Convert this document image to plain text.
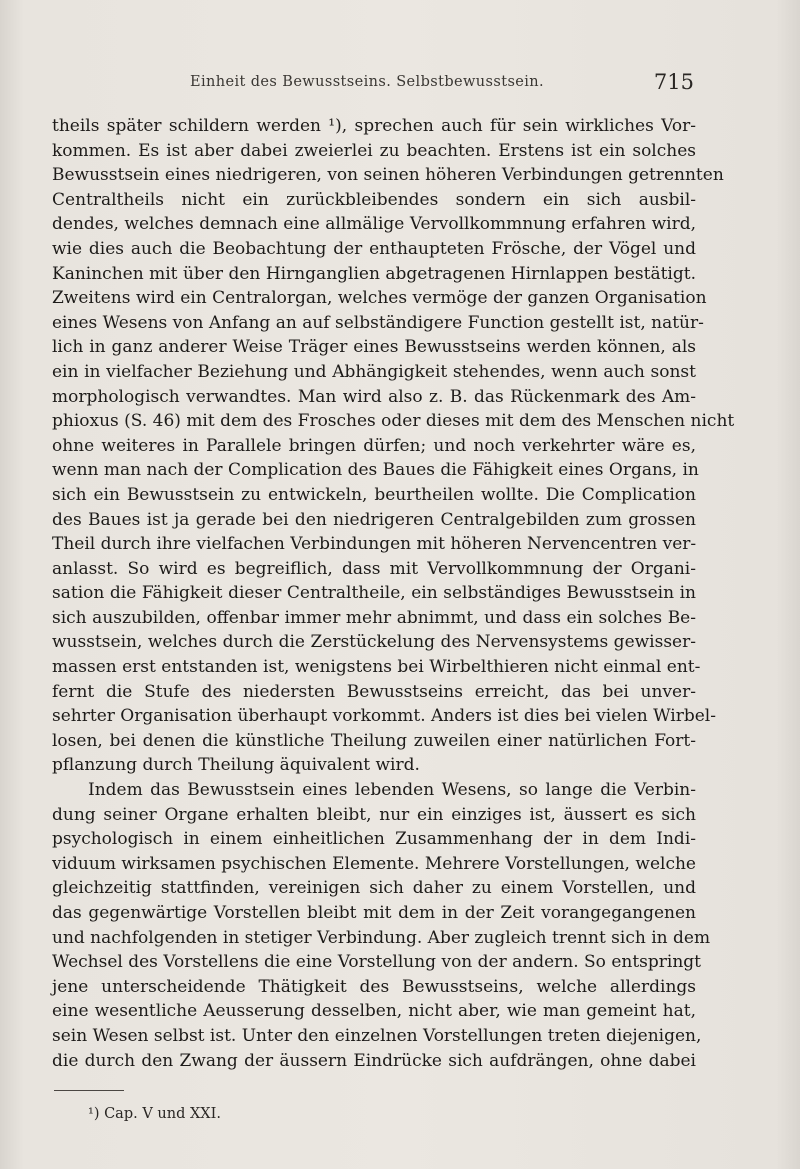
Einheit des Bewusstseins. Selbstbewusstsein.	715
theils später schildern werden ¹), sprechen auch für sein wirkliches Vor-
kommen. Es ist aber dabei zweierlei zu beachten. Erstens ist ein solches
Bewusstsein eines niedrigeren, von seinen höheren Verbindungen getrennten
Centraltheils nicht ein zurückbleibendes sondern ein sich ausbil-
dendes, welches demnach eine allmälige Vervollkommnung erfahren wird,
wie dies auch die Beobachtung der enthaupteten Frösche, der Vögel und
Kaninchen mit über den Hirnganglien abgetragenen Hirnlappen bestätigt.
Zweitens wird ein Centralorgan, welches vermöge der ganzen Organisation
eines Wesens von Anfang an auf selbständigere Function gestellt ist, natür-
lich in ganz anderer Weise Träger eines Bewusstseins werden können, als
ein in vielfacher Beziehung und Abhängigkeit stehendes, wenn auch sonst
morphologisch verwandtes. Man wird also z. B. das Rückenmark des Am-
phioxus (S. 46) mit dem des Frosches oder dieses mit dem des Menschen nicht
ohne weiteres in Parallele bringen dürfen; und noch verkehrter wäre es,
wenn man nach der Complication des Baues die Fähigkeit eines Organs, in
sich ein Bewusstsein zu entwickeln, beurtheilen wollte. Die Complication
des Baues ist ja gerade bei den niedrigeren Centralgebilden zum grossen
Theil durch ihre vielfachen Verbindungen mit höheren Nervencentren ver-
anlasst. So wird es begreiflich, dass mit Vervollkommnung der Organi-
sation die Fähigkeit dieser Centraltheile, ein selbständiges Bewusstsein in
sich auszubilden, offenbar immer mehr abnimmt, und dass ein solches Be-
wusstsein, welches durch die Zerstückelung des Nervensystems gewisser-
massen erst entstanden ist, wenigstens bei Wirbelthieren nicht einmal ent-
fernt die Stufe des niedersten Bewusstseins erreicht, das bei unver-
sehrter Organisation überhaupt vorkommt. Anders ist dies bei vielen Wirbel-
losen, bei denen die künstliche Theilung zuweilen einer natürlichen Fort-
pflanzung durch Theilung äquivalent wird.
Indem das Bewusstsein eines lebenden Wesens, so lange die Verbin-
dung seiner Organe erhalten bleibt, nur ein einziges ist, äussert es sich
psychologisch in einem einheitlichen Zusammenhang der in dem Indi-
viduum wirksamen psychischen Elemente. Mehrere Vorstellungen, welche
gleichzeitig stattfinden, vereinigen sich daher zu einem Vorstellen, und
das gegenwärtige Vorstellen bleibt mit dem in der Zeit vorangegangenen
und nachfolgenden in stetiger Verbindung. Aber zugleich trennt sich in dem
Wechsel des Vorstellens die eine Vorstellung von der andern. So entspringt
jene unterscheidende Thätigkeit des Bewusstseins, welche allerdings
eine wesentliche Aeusserung desselben, nicht aber, wie man gemeint hat,
sein Wesen selbst ist. Unter den einzelnen Vorstellungen treten diejenigen,
die durch den Zwang der äussern Eindrücke sich aufdrängen, ohne dabei
¹) Cap. V und XXI.
